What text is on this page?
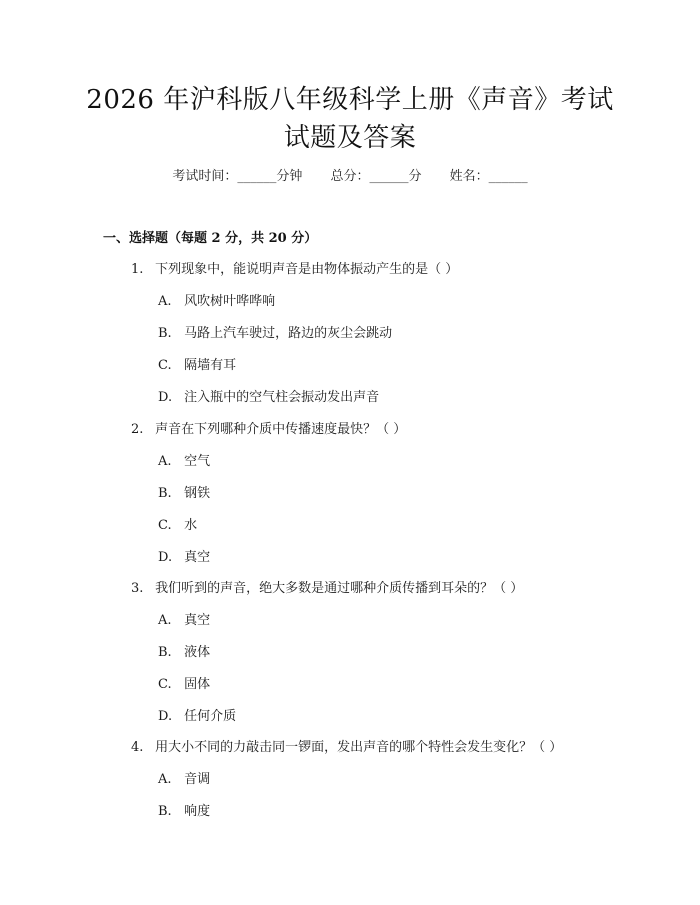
2026 年沪科版八年级科学上册《声音》考试
试题及答案
考试时间：______分钟 总分：______分 姓名：______
一、选择题（每题 2 分，共 20 分）
1. 下列现象中，能说明声音是由物体振动产生的是（ ）
A. 风吹树叶哗哗响
B. 马路上汽车驶过，路边的灰尘会跳动
C. 隔墙有耳
D. 注入瓶中的空气柱会振动发出声音
2. 声音在下列哪种介质中传播速度最快？（ ）
A. 空气
B. 钢铁
C. 水
D. 真空
3. 我们听到的声音，绝大多数是通过哪种介质传播到耳朵的？（ ）
A. 真空
B. 液体
C. 固体
D. 任何介质
4. 用大小不同的力敲击同一锣面，发出声音的哪个特性会发生变化？（ ）
A. 音调
B. 响度
